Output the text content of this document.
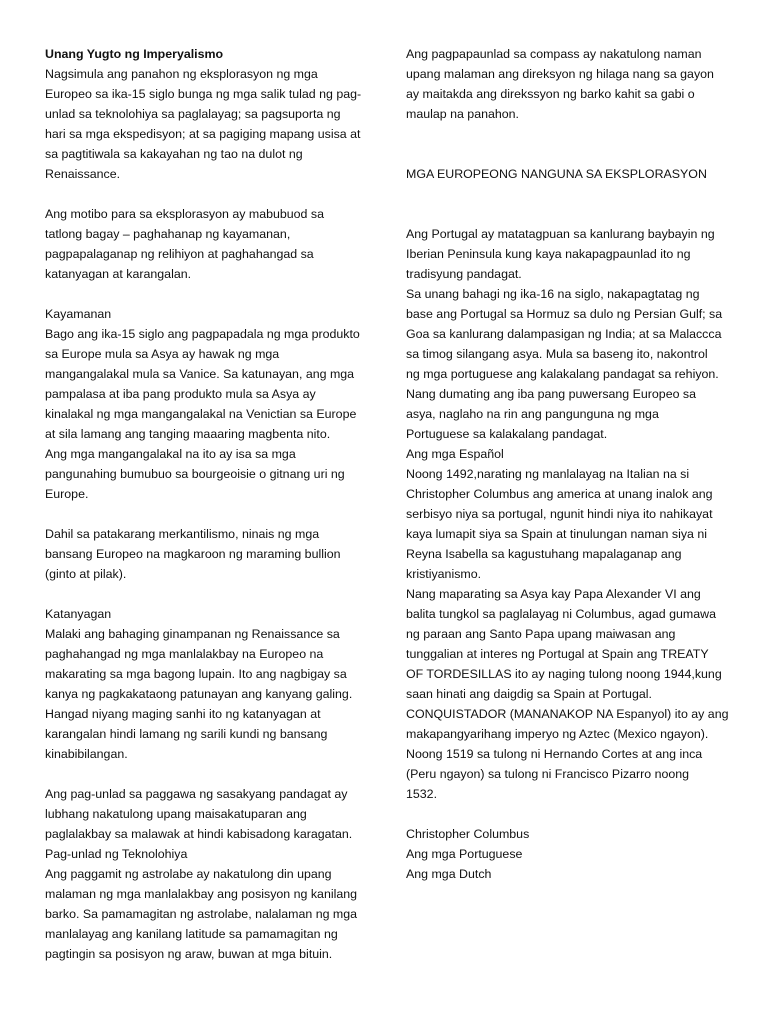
Unang Yugto ng Imperyalismo
Nagsimula ang panahon ng eksplorasyon ng mga
Europeo sa ika-15 siglo bunga ng mga salik tulad ng pag-
unlad sa teknolohiya sa paglalayag; sa pagsuporta ng
hari sa mga ekspedisyon; at sa pagiging mapang usisa at
sa pagtitiwala sa kakayahan ng tao na dulot ng
Renaissance.
Ang motibo para sa eksplorasyon ay mabubuod sa
tatlong bagay – paghahanap ng kayamanan,
pagpapalaganap ng relihiyon at paghahangad sa
katanyagan at karangalan.
Kayamanan
Bago ang ika-15 siglo ang pagpapadala ng mga produkto
sa Europe mula sa Asya ay hawak ng mga
mangangalakal mula sa Vanice. Sa katunayan, ang mga
pampalasa at iba pang produkto mula sa Asya ay
kinalakal ng mga mangangalakal na Venictian sa Europe
at sila lamang ang tanging maaaring magbenta nito.
Ang mga mangangalakal na ito ay isa sa mga
pangunahing bumubuo sa bourgeoisie o gitnang uri ng
Europe.
Dahil sa patakarang merkantilismo, ninais ng mga
bansang Europeo na magkaroon ng maraming bullion
(ginto at pilak).
Katanyagan
Malaki ang bahaging ginampanan ng Renaissance sa
paghahangad ng mga manlalakbay na Europeo na
makarating sa mga bagong lupain. Ito ang nagbigay sa
kanya ng pagkakataong patunayan ang kanyang galing.
Hangad niyang maging sanhi ito ng katanyagan at
karangalan hindi lamang ng sarili kundi ng bansang
kinabibilangan.
Ang pag-unlad sa paggawa ng sasakyang pandagat ay
lubhang nakatulong upang maisakatuparan ang
paglalakbay sa malawak at hindi kabisadong karagatan.
Pag-unlad ng Teknolohiya
Ang paggamit ng astrolabe ay nakatulong din upang
malaman ng mga manlalakbay ang posisyon ng kanilang
barko. Sa pamamagitan ng astrolabe, nalalaman ng mga
manlalayag ang kanilang latitude sa pamamagitan ng
pagtingin sa posisyon ng araw, buwan at mga bituin.
Ang pagpapaunlad sa compass ay nakatulong naman
upang malaman ang direksyon ng hilaga nang sa gayon
ay maitakda ang direkssyon ng barko kahit sa gabi o
maulap na panahon.
MGA EUROPEONG NANGUNA SA EKSPLORASYON
Ang Portugal ay matatagpuan sa kanlurang baybayin ng
Iberian Peninsula kung kaya nakapagpaunlad ito ng
tradisyung pandagat.
Sa unang bahagi ng ika-16 na siglo, nakapagtatag ng
base ang Portugal sa Hormuz sa dulo ng Persian Gulf; sa
Goa sa kanlurang dalampasigan ng India; at sa Malaccca
sa timog silangang asya. Mula sa baseng ito, nakontrol
ng mga portuguese ang kalakalang pandagat sa rehiyon.
Nang dumating ang iba pang puwersang Europeo sa
asya, naglaho na rin ang pangunguna ng mga
Portuguese sa kalakalang pandagat.
Ang mga Español
Noong 1492,narating ng manlalayag na Italian na si
Christopher Columbus ang america at unang inalok ang
serbisyo niya sa portugal, ngunit hindi niya ito nahikayat
kaya lumapit siya sa Spain at tinulungan naman siya ni
Reyna Isabella sa kagustuhang mapalaganap ang
kristiyanismo.
Nang maparating sa Asya kay Papa Alexander VI ang
balita tungkol sa paglalayag ni Columbus, agad gumawa
ng paraan ang Santo Papa upang maiwasan ang
tunggalian at interes ng Portugal at Spain ang TREATY
OF TORDESILLAS ito ay naging tulong noong 1944,kung
saan hinati ang daigdig sa Spain at Portugal.
CONQUISTADOR (MANANAKOP NA Espanyol) ito ay ang
makapangyarihang imperyo ng Aztec (Mexico ngayon).
Noong 1519 sa tulong ni Hernando Cortes at ang inca
(Peru ngayon) sa tulong ni Francisco Pizarro noong
1532.
Christopher Columbus
Ang mga Portuguese
Ang mga Dutch
